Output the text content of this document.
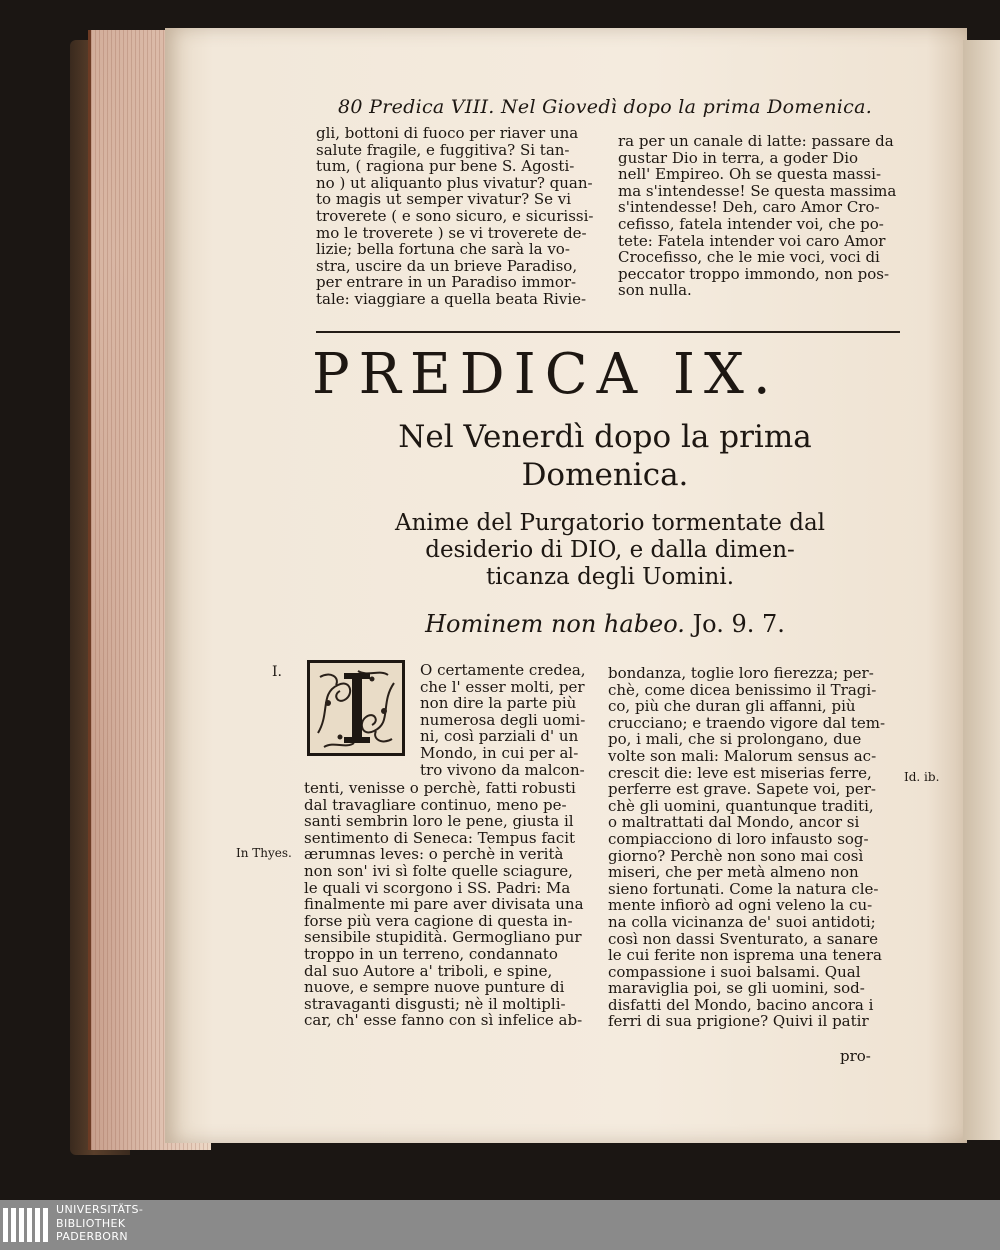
80 Predica VIII. Nel Giovedì dopo la prima Domenica.
gli, bottoni di fuoco per riaver una
salute fragile, e fuggitiva? Si tan-
tum, ( ragiona pur bene S. Agosti-
no ) ut aliquanto plus vivatur? quan-
to magis ut semper vivatur? Se vi
troverete ( e sono sicuro, e sicurissi-
mo le troverete ) se vi troverete de-
lizie; bella fortuna che sarà la vo-
stra, uscire da un brieve Paradiso,
per entrare in un Paradiso immor-
tale: viaggiare a quella beata Rivie-
ra per un canale di latte: passare da
gustar Dio in terra, a goder Dio
nell' Empireo. Oh se questa massi-
ma s'intendesse! Se questa massima
s'intendesse! Deh, caro Amor Cro-
cefisso, fatela intender voi, che po-
tete: Fatela intender voi caro Amor
Crocefisso, che le mie voci, voci di
peccator troppo immondo, non pos-
son nulla.
PREDICA IX.
Nel Venerdì dopo la prima
Domenica.
Anime del Purgatorio tormentate dal
desiderio di DIO, e dalla dimen-
ticanza degli Uomini.
Hominem non habeo. Jo. 9. 7.
I.
In Thyes.
Id. ib.
O certamente credea,
che l' esser molti, per
non dire la parte più
numerosa degli uomi-
ni, così parziali d' un
Mondo, in cui per al-
tro vivono da malcon-
tenti, venisse o perchè, fatti robusti
dal travagliare continuo, meno pe-
santi sembrin loro le pene, giusta il
sentimento di Seneca: Tempus facit
ærumnas leves: o perchè in verità
non son' ivi sì folte quelle sciagure,
le quali vi scorgono i SS. Padri: Ma
finalmente mi pare aver divisata una
forse più vera cagione di questa in-
sensibile stupidità. Germogliano pur
troppo in un terreno, condannato
dal suo Autore a' triboli, e spine,
nuove, e sempre nuove punture di
stravaganti disgusti; nè il moltipli-
car, ch' esse fanno con sì infelice ab-
bondanza, toglie loro fierezza; per-
chè, come dicea benissimo il Tragi-
co, più che duran gli affanni, più
crucciano; e traendo vigore dal tem-
po, i mali, che si prolongano, due
volte son mali: Malorum sensus ac-
crescit die: leve est miserias ferre,
perferre est grave. Sapete voi, per-
chè gli uomini, quantunque traditi,
o maltrattati dal Mondo, ancor si
compiacciono di loro infausto sog-
giorno? Perchè non sono mai così
miseri, che per metà almeno non
sieno fortunati. Come la natura cle-
mente infiorò ad ogni veleno la cu-
na colla vicinanza de' suoi antidoti;
così non dassi Sventurato, a sanare
le cui ferite non isprema una tenera
compassione i suoi balsami. Qual
maraviglia poi, se gli uomini, sod-
disfatti del Mondo, bacino ancora i
ferri di sua prigione? Quivi il patir
pro-
UNIVERSITÄTS-
BIBLIOTHEK
PADERBORN
